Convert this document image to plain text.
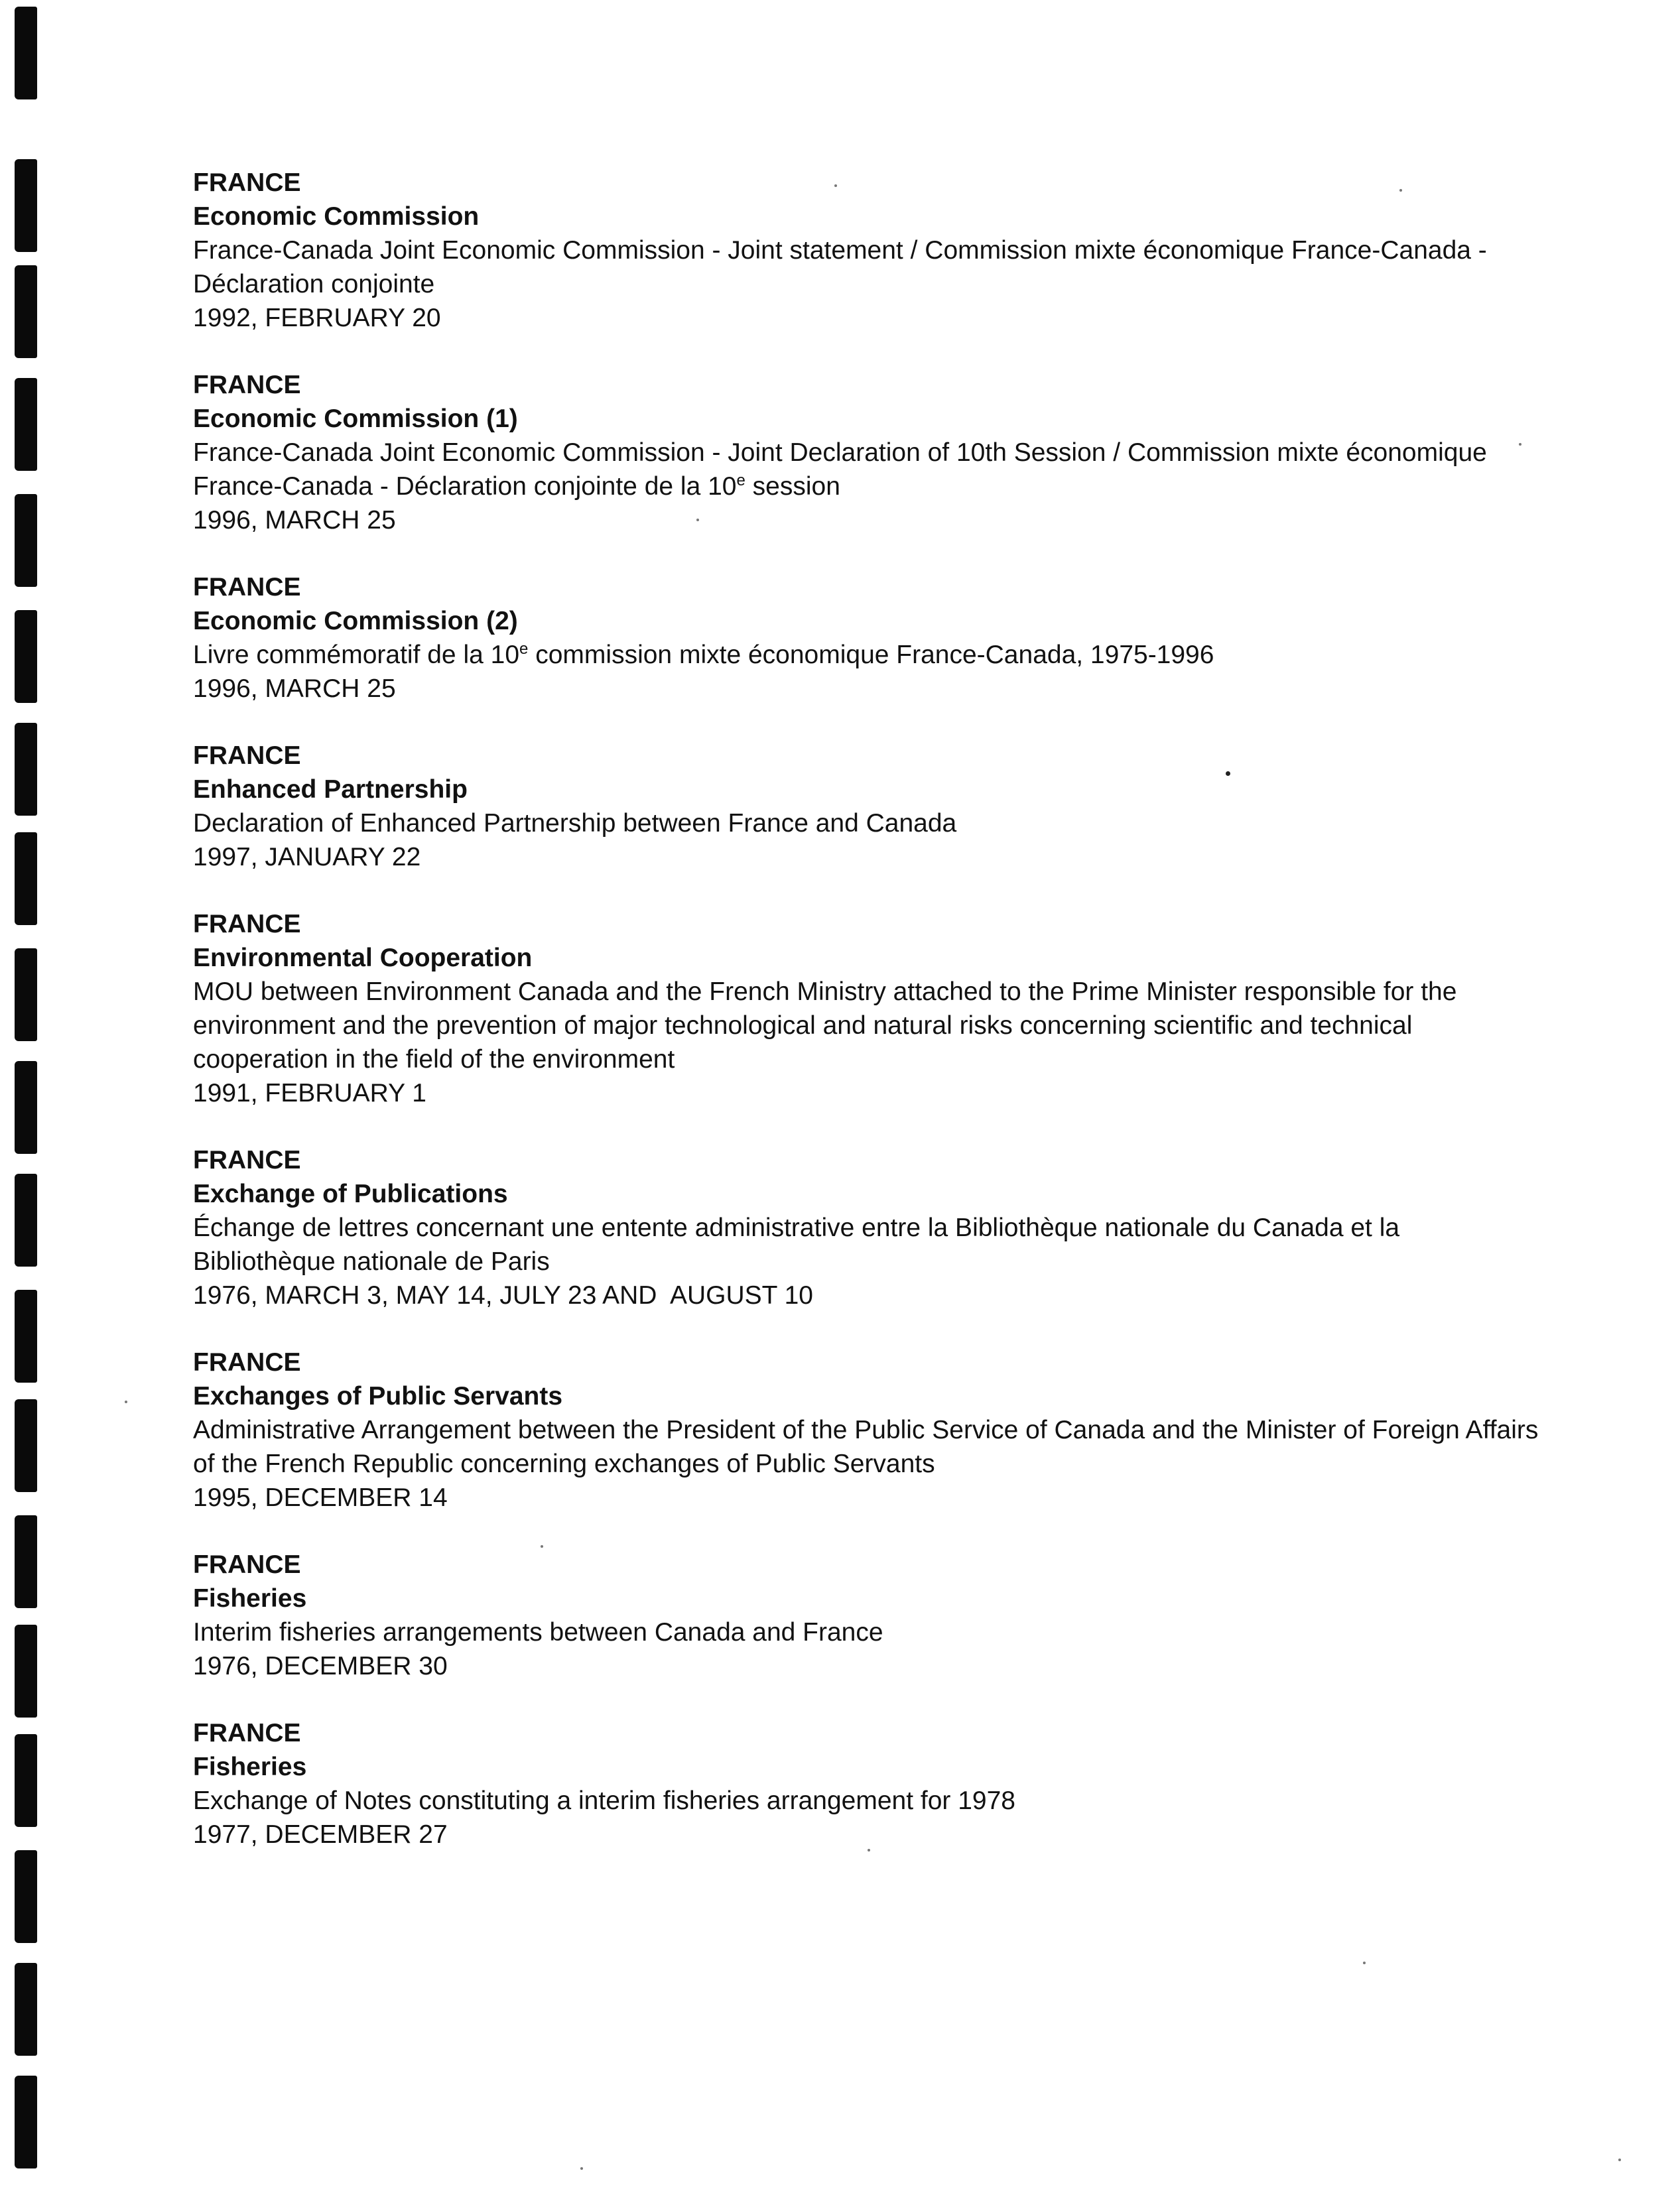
FRANCE
Economic Commission
France-Canada Joint Economic Commission - Joint statement / Commission mixte économique France-Canada - Déclaration conjointe
1992, FEBRUARY 20
FRANCE
Economic Commission (1)
France-Canada Joint Economic Commission - Joint Declaration of 10th Session / Commission mixte économique France-Canada - Déclaration conjointe de la 10e session
1996, MARCH 25
FRANCE
Economic Commission (2)
Livre commémoratif de la 10e commission mixte économique France-Canada, 1975-1996
1996, MARCH 25
FRANCE
Enhanced Partnership
Declaration of Enhanced Partnership between France and Canada
1997, JANUARY 22
FRANCE
Environmental Cooperation
MOU between Environment Canada and the French Ministry attached to the Prime Minister responsible for the environment and the prevention of major technological and natural risks concerning scientific and technical cooperation in the field of the environment
1991, FEBRUARY 1
FRANCE
Exchange of Publications
Échange de lettres concernant une entente administrative entre la Bibliothèque nationale du Canada et la Bibliothèque nationale de Paris
1976, MARCH 3, MAY 14, JULY 23 AND  AUGUST 10
FRANCE
Exchanges of Public Servants
Administrative Arrangement between the President of the Public Service of Canada and the Minister of Foreign Affairs of the French Republic concerning exchanges of Public Servants
1995, DECEMBER 14
FRANCE
Fisheries
Interim fisheries arrangements between Canada and France
1976, DECEMBER 30
FRANCE
Fisheries
Exchange of Notes constituting a interim fisheries arrangement for 1978
1977, DECEMBER 27
